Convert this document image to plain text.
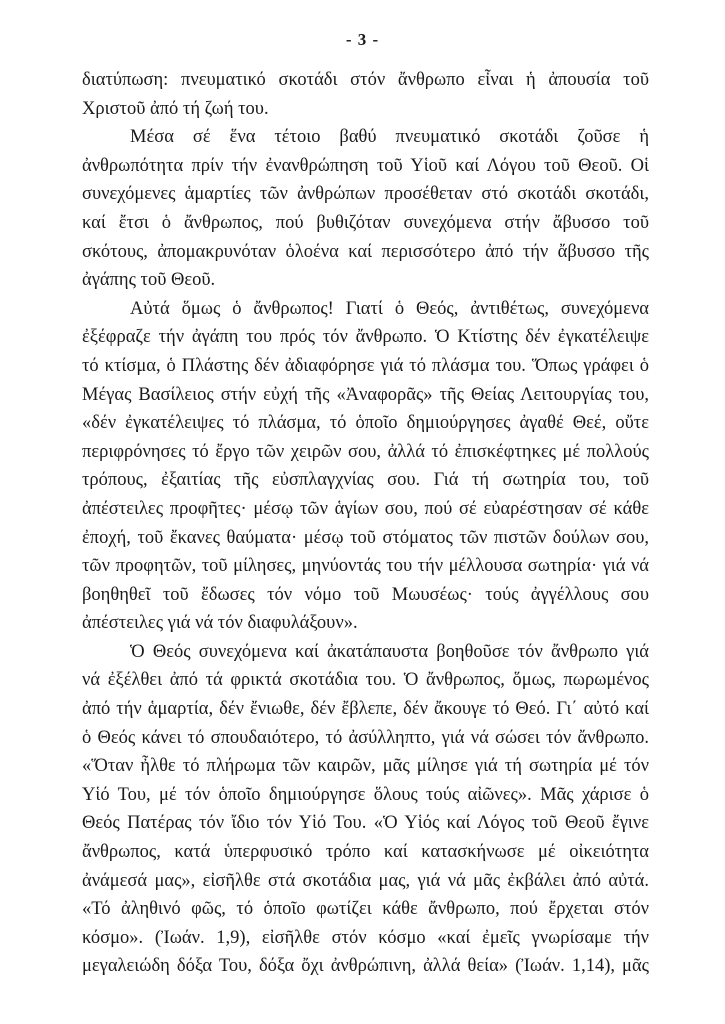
- 3 -
διατύπωση: πνευματικό σκοτάδι στόν ἄνθρωπο εἶναι ἡ ἀπουσία τοῦ
Χριστοῦ ἀπό τή ζωή του.
Μέσα σέ ἕνα τέτοιο βαθύ πνευματικό σκοτάδι ζοῦσε ἡ
ἀνθρωπότητα πρίν τήν ἐνανθρώπηση τοῦ Υἱοῦ καί Λόγου τοῦ Θεοῦ. Οἱ
συνεχόμενες ἁμαρτίες τῶν ἀνθρώπων προσέθεταν στό σκοτάδι σκοτάδι,
καί ἔτσι ὁ ἄνθρωπος, πού βυθιζόταν συνεχόμενα στήν ἄβυσσο τοῦ
σκότους, ἀπομακρυνόταν ὁλοένα καί περισσότερο ἀπό τήν ἄβυσσο τῆς
ἀγάπης τοῦ Θεοῦ.
Αὐτά ὅμως ὁ ἄνθρωπος! Γιατί ὁ Θεός, ἀντιθέτως, συνεχόμενα
ἐξέφραζε τήν ἀγάπη του πρός τόν ἄνθρωπο. Ὁ Κτίστης δέν ἐγκατέλειψε
τό κτίσμα, ὁ Πλάστης δέν ἀδιαφόρησε γιά τό πλάσμα του. Ὅπως γράφει ὁ
Μέγας Βασίλειος στήν εὐχή τῆς «Ἀναφορᾶς» τῆς Θείας Λειτουργίας του,
«δέν ἐγκατέλειψες τό πλάσμα, τό ὁποῖο δημιούργησες ἀγαθέ Θεέ, οὔτε
περιφρόνησες τό ἔργο τῶν χειρῶν σου, ἀλλά τό ἐπισκέφτηκες μέ πολλούς
τρόπους, ἐξαιτίας τῆς εὐσπλαγχνίας σου. Γιά τή σωτηρία του, τοῦ
ἀπέστειλες προφῆτες· μέσῳ τῶν ἁγίων σου, πού σέ εὐαρέστησαν σέ κάθε
ἐποχή, τοῦ ἔκανες θαύματα· μέσῳ τοῦ στόματος τῶν πιστῶν δούλων σου,
τῶν προφητῶν, τοῦ μίλησες, μηνύοντάς του τήν μέλλουσα σωτηρία· γιά νά
βοηθηθεῖ τοῦ ἔδωσες τόν νόμο τοῦ Μωυσέως· τούς ἀγγέλλους σου
ἀπέστειλες γιά νά τόν διαφυλάξουν».
Ὁ Θεός συνεχόμενα καί ἀκατάπαυστα βοηθοῦσε τόν ἄνθρωπο γιά
νά ἐξέλθει ἀπό τά φρικτά σκοτάδια του. Ὁ ἄνθρωπος, ὅμως, πωρωμένος
ἀπό τήν ἁμαρτία, δέν ἔνιωθε, δέν ἔβλεπε, δέν ἄκουγε τό Θεό. Γι΄ αὐτό καί
ὁ Θεός κάνει τό σπουδαιότερο, τό ἀσύλληπτο, γιά νά σώσει τόν ἄνθρωπο.
«Ὅταν ἦλθε τό πλήρωμα τῶν καιρῶν, μᾶς μίλησε γιά τή σωτηρία μέ τόν
Υἱό Του, μέ τόν ὁποῖο δημιούργησε ὅλους τούς αἰῶνες». Μᾶς χάρισε ὁ
Θεός Πατέρας τόν ἴδιο τόν Υἱό Του. «Ὁ Υἱός καί Λόγος τοῦ Θεοῦ ἔγινε
ἄνθρωπος, κατά ὑπερφυσικό τρόπο καί κατασκήνωσε μέ οἰκειότητα
ἀνάμεσά μας», εἰσῆλθε στά σκοτάδια μας, γιά νά μᾶς ἐκβάλει ἀπό αὐτά.
«Τό ἀληθινό φῶς, τό ὁποῖο φωτίζει κάθε ἄνθρωπο, πού ἔρχεται στόν
κόσμο». (Ἰωάν. 1,9), εἰσῆλθε στόν κόσμο «καί ἐμεῖς γνωρίσαμε τήν
μεγαλειώδη δόξα Του, δόξα ὄχι ἀνθρώπινη, ἀλλά θεία» (Ἰωάν. 1,14), μᾶς
